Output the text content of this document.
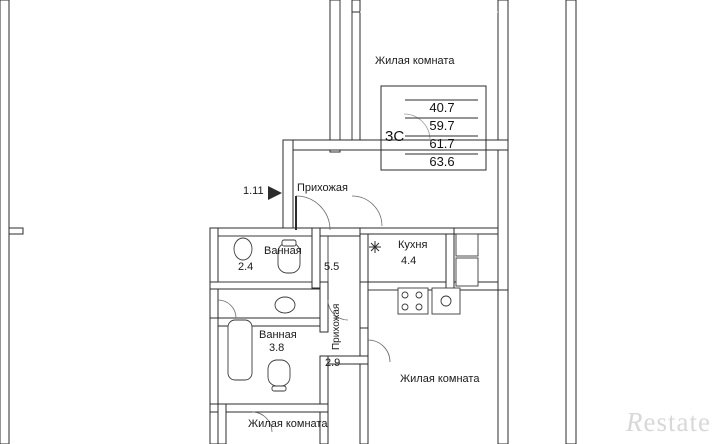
Жилая комната
Прихожая
1.11
Ванная
2.4	5.5
Кухня
4.4
Ванная
3.8	Прихожая
2.9
Жилая комната
Жилая комната
3С
40.7
59.7
61.7
63.6
Restate
